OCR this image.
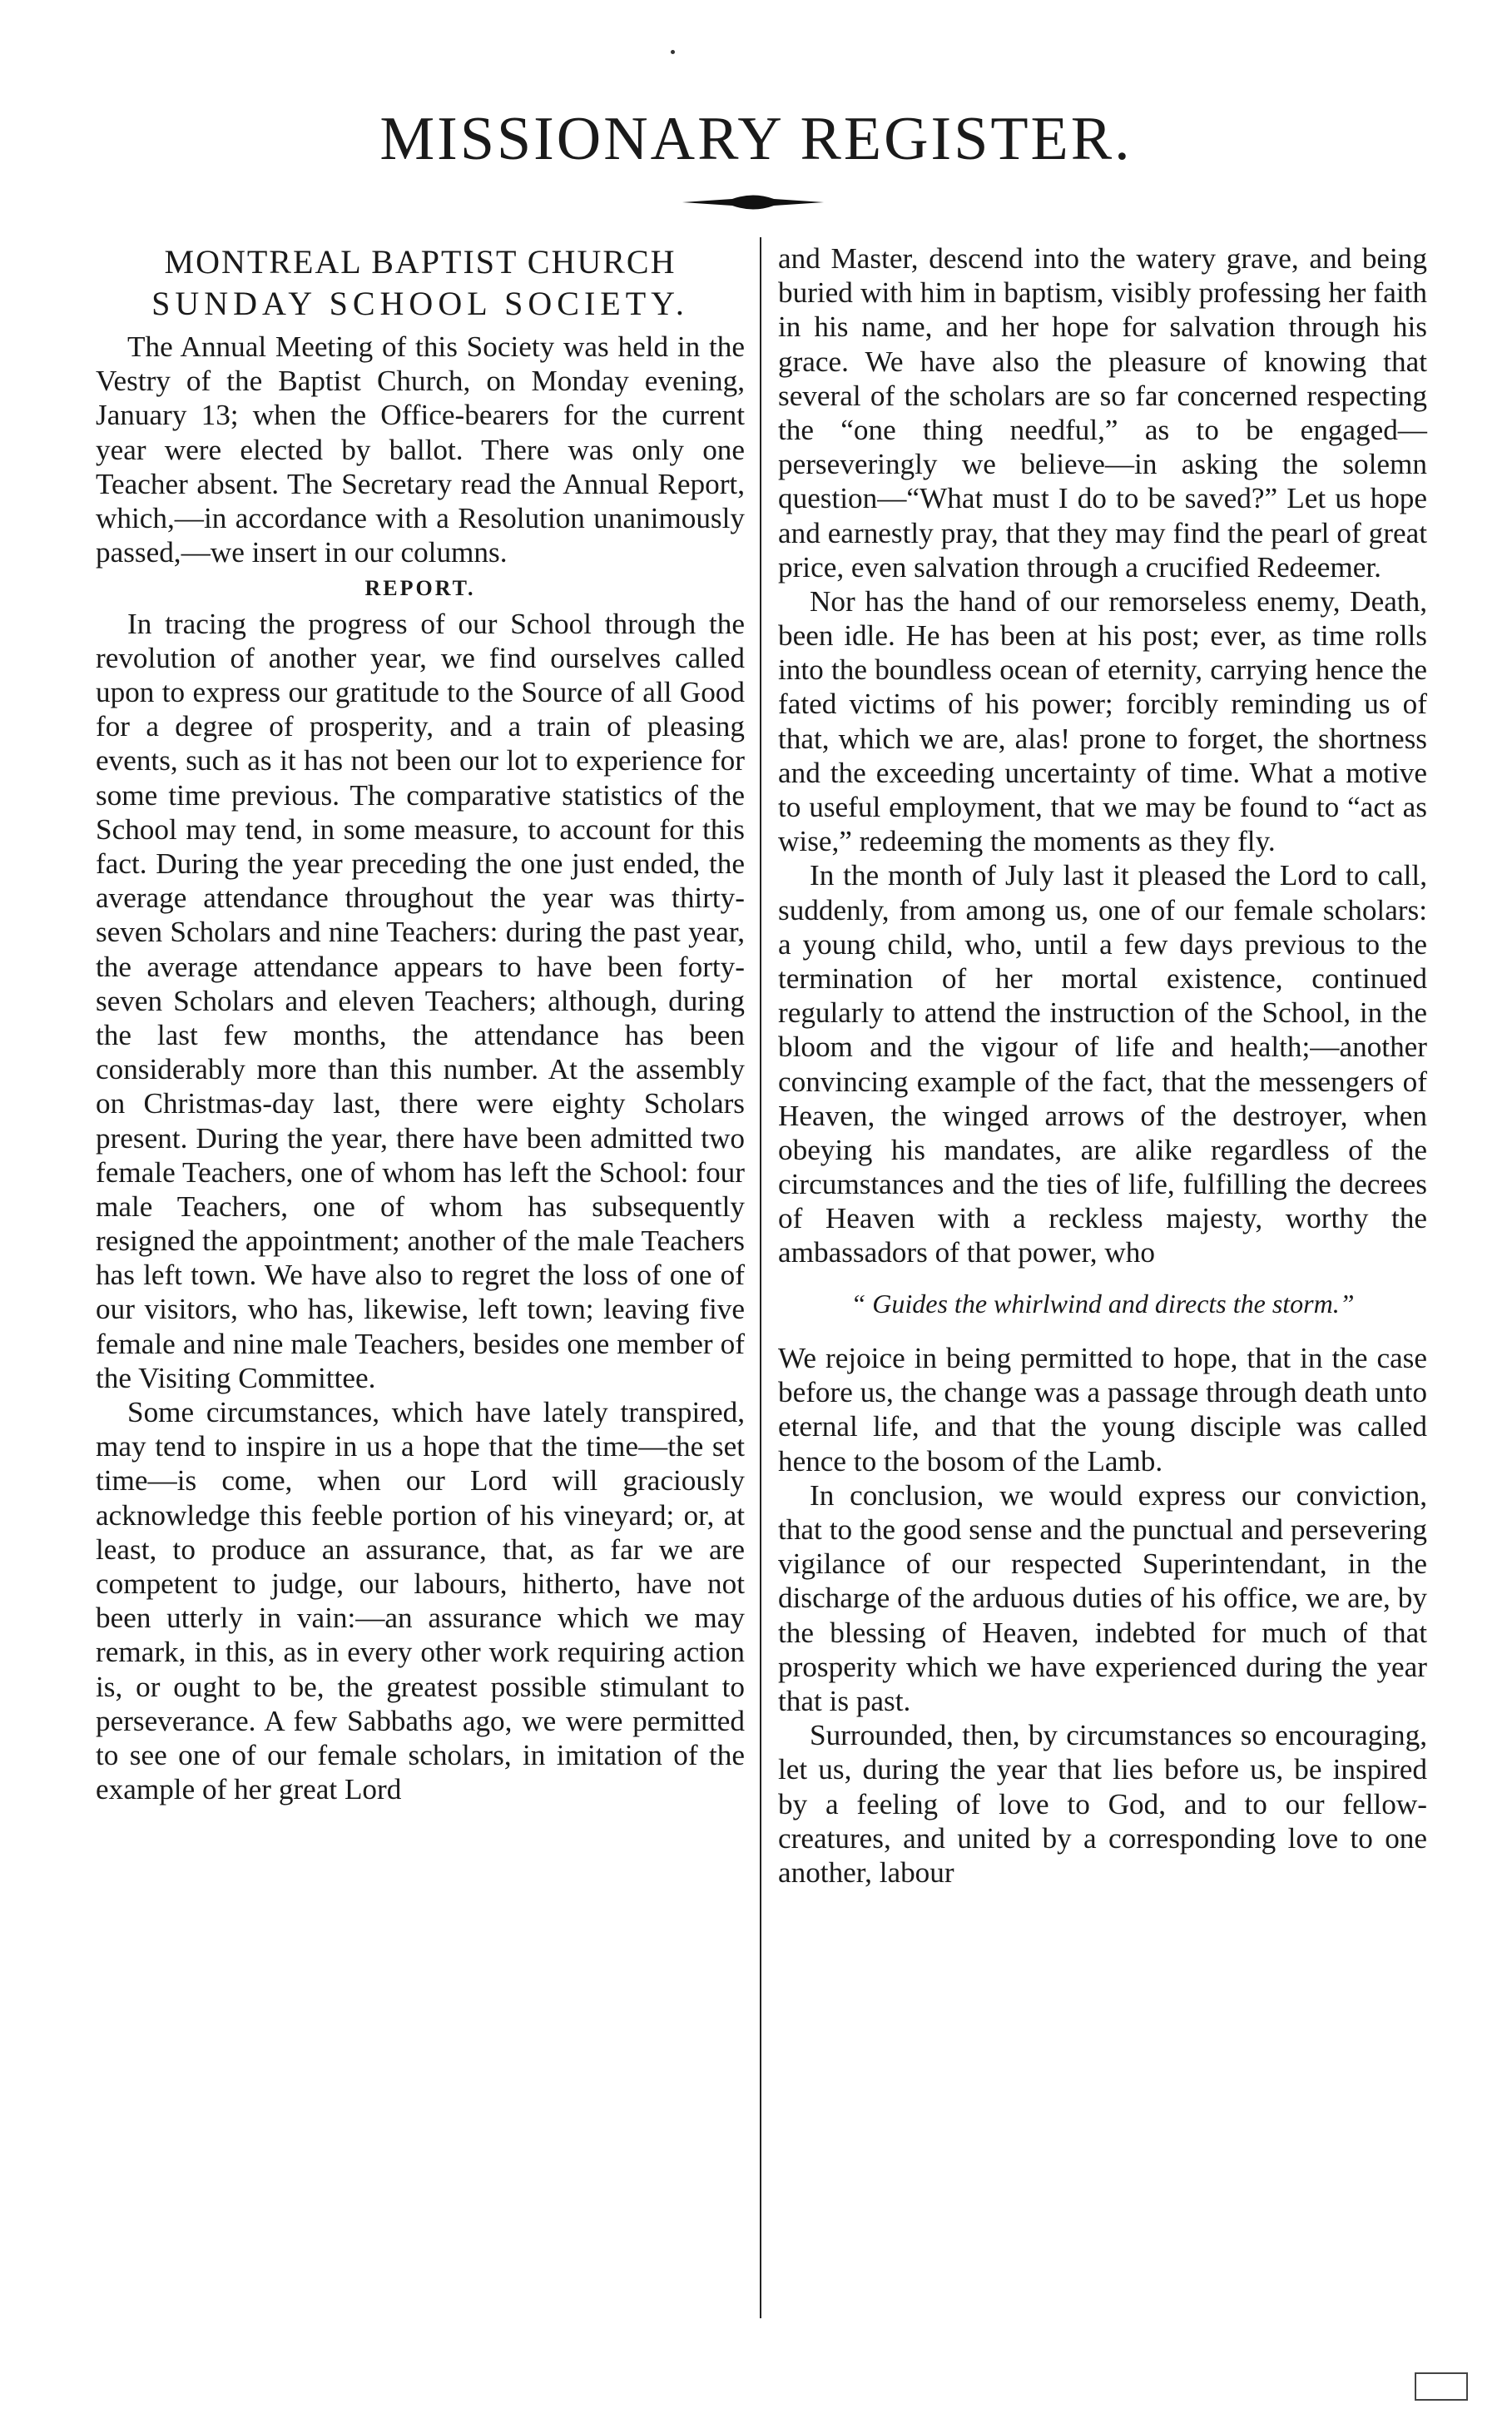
MISSIONARY REGISTER.
MONTREAL BAPTIST CHURCH
SUNDAY SCHOOL SOCIETY.

The Annual Meeting of this Society was held in the Vestry of the Baptist Church, on Monday evening, January 13; when the Office-bearers for the current year were elected by ballot. There was only one Teacher absent. The Secretary read the Annual Report, which,—in accordance with a Resolution unanimously passed,—we insert in our columns.

REPORT.

In tracing the progress of our School through the revolution of another year, we find ourselves called upon to express our gratitude to the Source of all Good for a degree of prosperity, and a train of pleasing events, such as it has not been our lot to experience for some time previous. The comparative statistics of the School may tend, in some measure, to account for this fact. During the year preceding the one just ended, the average attendance throughout the year was thirty-seven Scholars and nine Teachers: during the past year, the average attendance appears to have been forty-seven Scholars and eleven Teachers; although, during the last few months, the attendance has been considerably more than this number. At the assembly on Christmas-day last, there were eighty Scholars present. During the year, there have been admitted two female Teachers, one of whom has left the School: four male Teachers, one of whom has subsequently resigned the appointment; another of the male Teachers has left town. We have also to regret the loss of one of our visitors, who has, likewise, left town; leaving five female and nine male Teachers, besides one member of the Visiting Committee.

Some circumstances, which have lately transpired, may tend to inspire in us a hope that the time—the set time—is come, when our Lord will graciously acknowledge this feeble portion of his vineyard; or, at least, to produce an assurance, that, as far we are competent to judge, our labours, hitherto, have not been utterly in vain:—an assurance which we may remark, in this, as in every other work requiring action is, or ought to be, the greatest possible stimulant to perseverance. A few Sabbaths ago, we were permitted to see one of our female scholars, in imitation of the example of her great Lord

and Master, descend into the watery grave, and being buried with him in baptism, visibly professing her faith in his name, and her hope for salvation through his grace. We have also the pleasure of knowing that several of the scholars are so far concerned respecting the “one thing needful,” as to be engaged—perseveringly we believe—in asking the solemn question—“What must I do to be saved?” Let us hope and earnestly pray, that they may find the pearl of great price, even salvation through a crucified Redeemer.

Nor has the hand of our remorseless enemy, Death, been idle. He has been at his post; ever, as time rolls into the boundless ocean of eternity, carrying hence the fated victims of his power; forcibly reminding us of that, which we are, alas! prone to forget, the shortness and the exceeding uncertainty of time. What a motive to useful employment, that we may be found to “act as wise,” redeeming the moments as they fly.

In the month of July last it pleased the Lord to call, suddenly, from among us, one of our female scholars: a young child, who, until a few days previous to the termination of her mortal existence, continued regularly to attend the instruction of the School, in the bloom and the vigour of life and health;—another convincing example of the fact, that the messengers of Heaven, the winged arrows of the destroyer, when obeying his mandates, are alike regardless of the circumstances and the ties of life, fulfilling the decrees of Heaven with a reckless majesty, worthy the ambassadors of that power, who

“ Guides the whirlwind and directs the storm.”

We rejoice in being permitted to hope, that in the case before us, the change was a passage through death unto eternal life, and that the young disciple was called hence to the bosom of the Lamb.

In conclusion, we would express our conviction, that to the good sense and the punctual and persevering vigilance of our respected Superintendant, in the discharge of the arduous duties of his office, we are, by the blessing of Heaven, indebted for much of that prosperity which we have experienced during the year that is past.

Surrounded, then, by circumstances so encouraging, let us, during the year that lies before us, be inspired by a feeling of love to God, and to our fellow-creatures, and united by a corresponding love to one another, labour
